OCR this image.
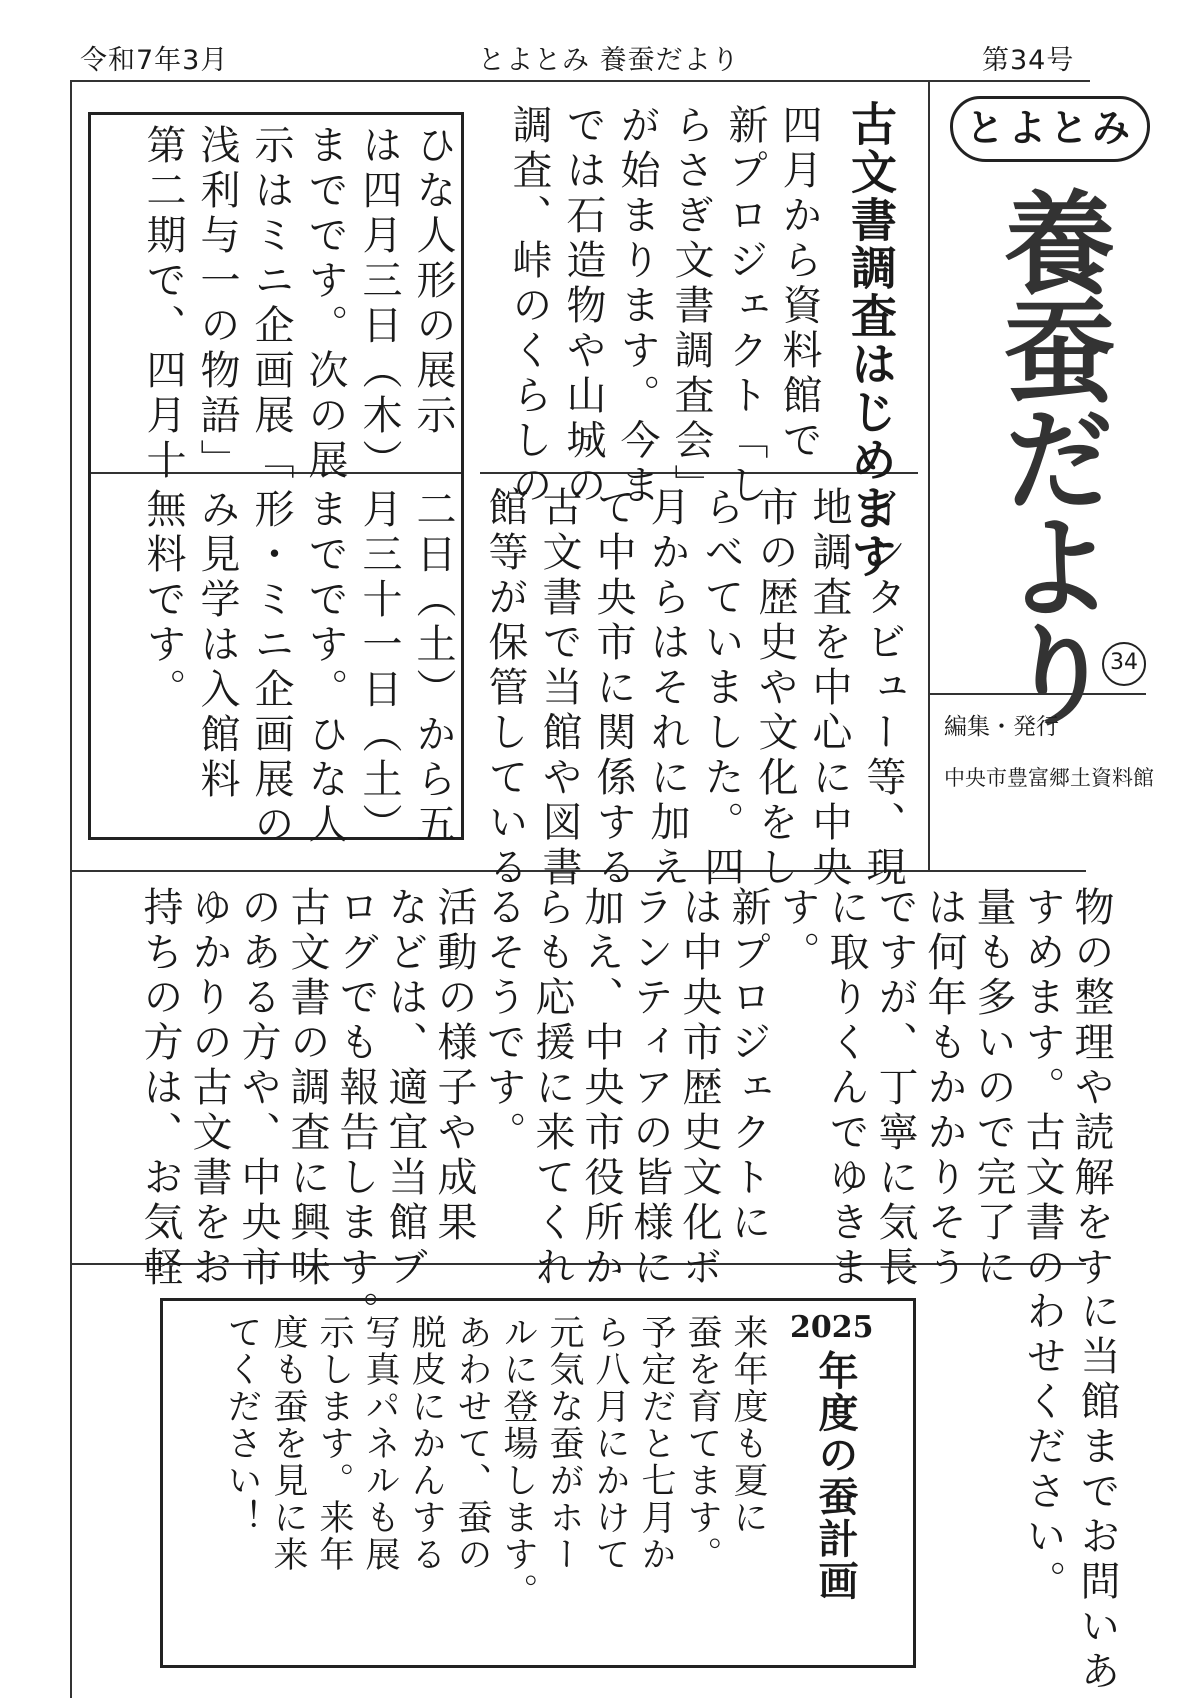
令和7年3月	とよとみ 養蚕だより	第34号
とよとみ
養蚕だより
34
編集・発行
中央市豊富郷土資料館
古文書調査はじめます
四月から資料館で
新プロジェクト「し
らさぎ文書調査会」
が始まります。今ま
では石造物や山城の
調査、峠のくらしの
インタビュー等、現
地調査を中心に中央
市の歴史や文化をし
らべていました。四
月からはそれに加え
て中央市に関係する
古文書で当館や図書
館等が保管している
ひな人形の展示
は四月三日（木）
までです。次の展
示はミニ企画展「
浅利与一の物語」
第二期で、四月十
二日（土）から五
月三十一日（土）
までです。ひな人
形・ミニ企画展の
み見学は入館料
無料です。
物の整理や読解をす
すめます。古文書の
量も多いので完了に
は何年もかかりそう
ですが、丁寧に気長
に取りくんでゆきま
す。
新プロジェクトに
は中央市歴史文化ボ
ランティアの皆様に
加え、中央市役所か
らも応援に来てくれ
るそうです。
活動の様子や成果
などは、適宜当館ブ
ログでも報告します。
古文書の調査に興味
のある方や、中央市
ゆかりの古文書をお
持ちの方は、お気軽
に当館までお問いあ
わせください。
2025
年度の蚕計画
来年度も夏に
蚕を育てます。
予定だと七月か
ら八月にかけて
元気な蚕がホー
ルに登場します。
あわせて、蚕の
脱皮にかんする
写真パネルも展
示します。来年
度も蚕を見に来
てください！
